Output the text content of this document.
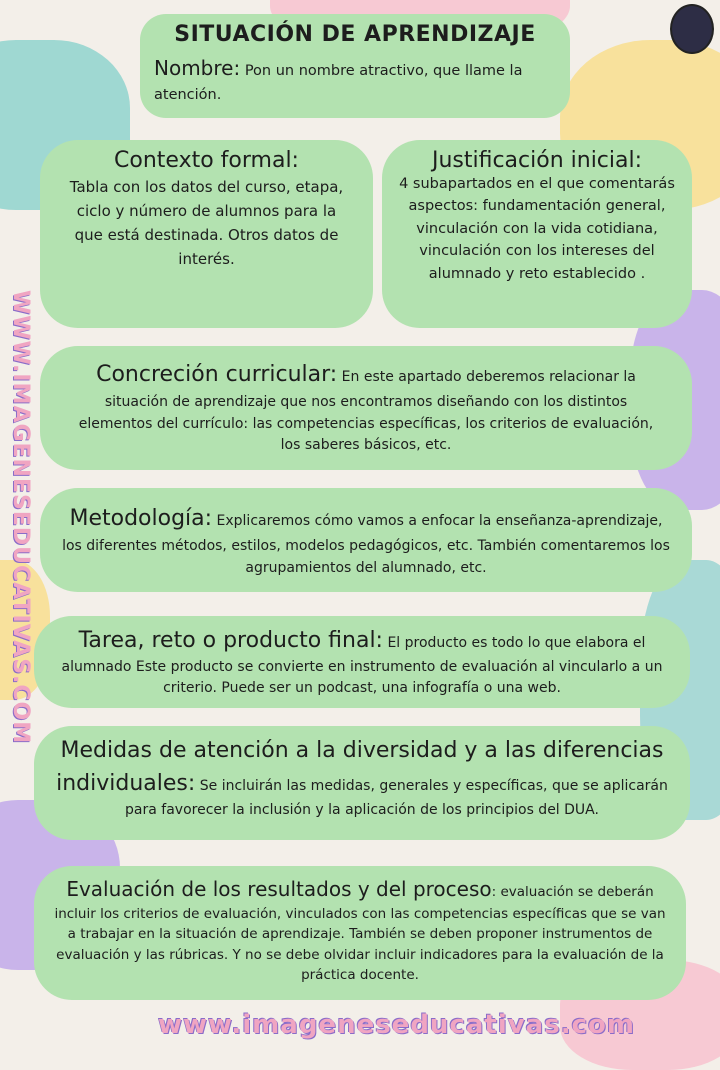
SITUACIÓN DE APRENDIZAJE
Nombre: Pon un nombre atractivo, que llame la atención.
Contexto formal:
Tabla con los datos del curso, etapa, ciclo y número de alumnos para la que está destinada. Otros datos de interés.
Justificación inicial:
4 subapartados en el que comentarás aspectos: fundamentación general, vinculación con la vida cotidiana, vinculación con los intereses del alumnado y reto establecido .
Concreción curricular: En este apartado deberemos relacionar la situación de aprendizaje que nos encontramos diseñando con los distintos elementos del currículo: las competencias específicas, los criterios de evaluación, los saberes básicos, etc.
Metodología: Explicaremos cómo vamos a enfocar la enseñanza-aprendizaje, los diferentes métodos, estilos, modelos pedagógicos, etc. También comentaremos los agrupamientos del alumnado, etc.
Tarea, reto o producto final: El producto es todo lo que elabora el alumnado Este producto se convierte en instrumento de evaluación al vincularlo a un criterio. Puede ser un podcast, una infografía o una web.
Medidas de atención a la diversidad y a las diferencias individuales: Se incluirán las medidas, generales y específicas, que se aplicarán para favorecer la inclusión y la aplicación de los principios del DUA.
Evaluación de los resultados y del proceso: evaluación se deberán incluir los criterios de evaluación, vinculados con las competencias específicas que se van a trabajar en la situación de aprendizaje. También se deben proponer instrumentos de evaluación y las rúbricas. Y no se debe olvidar incluir indicadores para la evaluación de la práctica docente.
WWW.IMAGENESEDUCATIVAS.COM
www.imageneseducativas.com
